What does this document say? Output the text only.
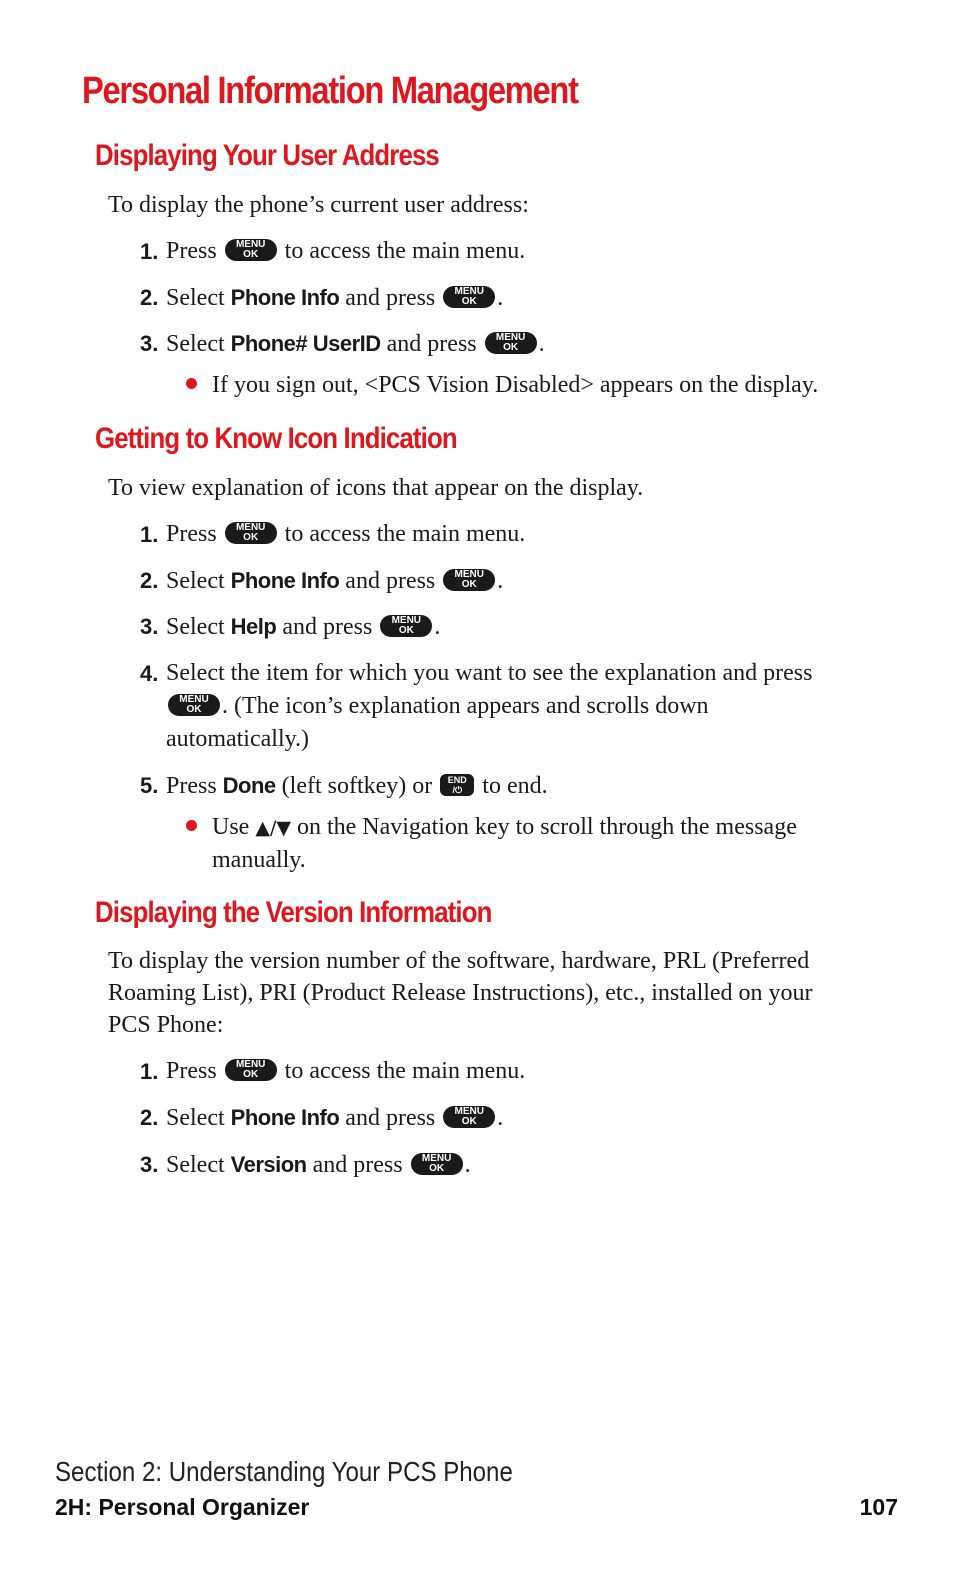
Personal Information Management
Displaying Your User Address

To display the phone’s current user address:

1. Press	MENU
OK	to access the main menu.
2. Select Phone Info and press	MENU
OK .
3. Select Phone# UserID and press	MENU
OK .
If you sign out, <PCS Vision Disabled> appears on the display.
Getting to Know Icon Indication

To view explanation of icons that appear on the display.

1. Press	MENU
OK	to access the main menu.
2. Select Phone Info and press	MENU
OK .
3. Select Help and press	MENU
OK .
4. Select the item for which you want to see the explanation and press
MENU
OK . (The icon’s explanation appears and scrolls down automatically.)
5. Press Done (left softkey) or	END
/⏻ to end.
Use ▲/▼ on the Navigation key to scroll through the message manually.
Displaying the Version Information

To display the version number of the software, hardware, PRL (Preferred Roaming List), PRI (Product Release Instructions), etc., installed on your PCS Phone:

1. Press	MENU
OK	to access the main menu.
2. Select Phone Info and press	MENU
OK .
3. Select Version and press	MENU
OK .
Section 2: Understanding Your PCS Phone
2H: Personal Organizer	107
